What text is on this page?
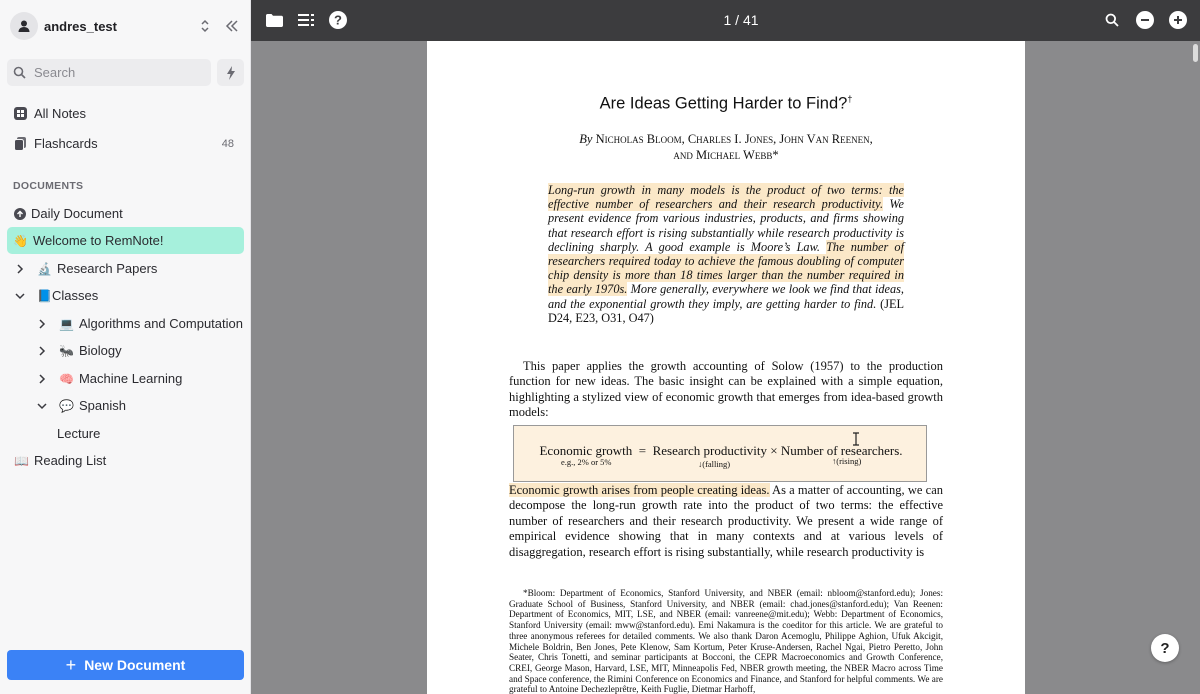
andres_test
Search
All Notes
Flashcards	48
DOCUMENTS
Daily Document
👋 Welcome to RemNote!
🔬 Research Papers
📘 Classes
💻 Algorithms and Computation
🐜 Biology
🧠 Machine Learning
💬 Spanish
Lecture
📖 Reading List
+ New Document
?	1 / 41
Are Ideas Getting Harder to Find?†
By Nicholas Bloom, Charles I. Jones, John Van Reenen,
and Michael Webb*
Long-run growth in many models is the product of two terms: the effective number of researchers and their research productivity. We present evidence from various industries, products, and firms showing that research effort is rising substantially while research productivity is declining sharply. A good example is Moore’s Law. The number of researchers required today to achieve the famous doubling of computer chip density is more than 18 times larger than the number required in the early 1970s. More generally, everywhere we look we find that ideas, and the exponential growth they imply, are getting harder to find. (JEL D24, E23, O31, O47)
This paper applies the growth accounting of Solow (1957) to the production function for new ideas. The basic insight can be explained with a simple equation, highlighting a stylized view of economic growth that emerges from idea-based growth models:
Economic growth  =  Research productivity × Number of researchers.
e.g., 2% or 5%	↓(falling)	↑(rising)
Economic growth arises from people creating ideas. As a matter of accounting, we can decompose the long-run growth rate into the product of two terms: the effective number of researchers and their research productivity. We present a wide range of empirical evidence showing that in many contexts and at various levels of disaggregation, research effort is rising substantially, while research productivity is
*Bloom: Department of Economics, Stanford University, and NBER (email: nbloom@stanford.edu); Jones: Graduate School of Business, Stanford University, and NBER (email: chad.jones@stanford.edu); Van Reenen: Department of Economics, MIT, LSE, and NBER (email: vanreene@mit.edu); Webb: Department of Economics, Stanford University (email: mww@stanford.edu). Emi Nakamura is the coeditor for this article. We are grateful to three anonymous referees for detailed comments. We also thank Daron Acemoglu, Philippe Aghion, Ufuk Akcigit, Michele Boldrin, Ben Jones, Pete Klenow, Sam Kortum, Peter Kruse-Andersen, Rachel Ngai, Pietro Peretto, John Seater, Chris Tonetti, and seminar participants at Bocconi, the CEPR Macroeconomics and Growth Conference, CREI, George Mason, Harvard, LSE, MIT, Minneapolis Fed, NBER growth meeting, the NBER Macro across Time and Space conference, the Rimini Conference on Economics and Finance, and Stanford for helpful comments. We are grateful to Antoine Dechezleprêtre, Keith Fuglie, Dietmar Harhoff,
?
